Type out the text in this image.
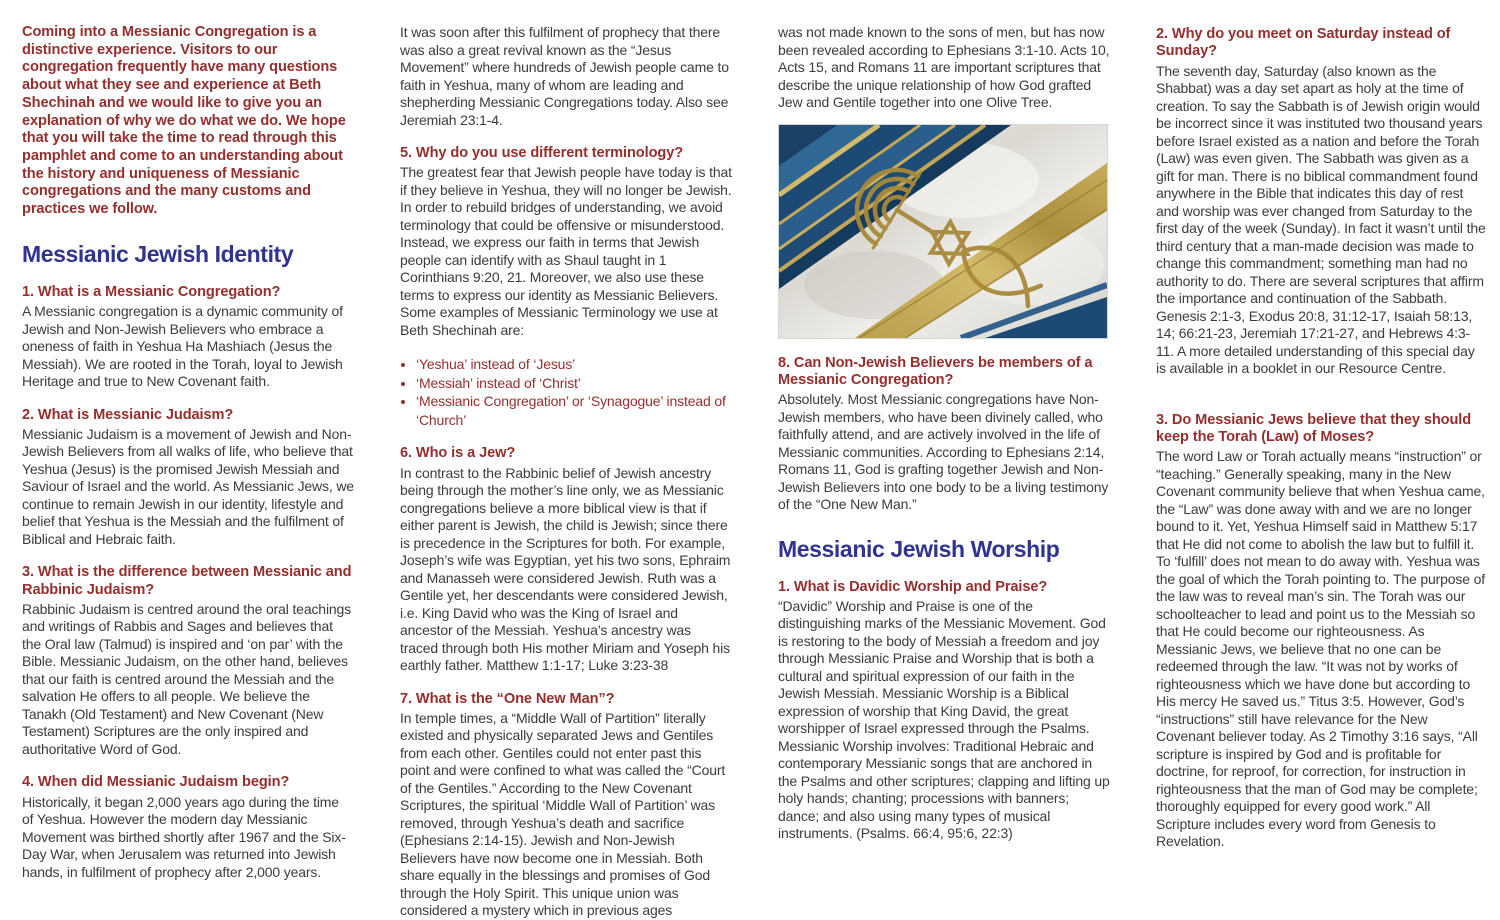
Coming into a Messianic Congregation is a distinctive experience. Visitors to our congregation frequently have many questions about what they see and experience at Beth Shechinah and we would like to give you an explanation of why we do what we do. We hope that you will take the time to read through this pamphlet and come to an understanding about the history and uniqueness of Messianic congregations and the many customs and practices we follow.

Messianic Jewish Identity
1. What is a Messianic Congregation?

A Messianic congregation is a dynamic community of Jewish and Non-Jewish Believers who embrace a oneness of faith in Yeshua Ha Mashiach (Jesus the Messiah). We are rooted in the Torah, loyal to Jewish Heritage and true to New Covenant faith.

2. What is Messianic Judaism?

Messianic Judaism is a movement of Jewish and Non-Jewish Believers from all walks of life, who believe that Yeshua (Jesus) is the promised Jewish Messiah and Saviour of Israel and the world. As Messianic Jews, we continue to remain Jewish in our identity, lifestyle and belief that Yeshua is the Messiah and the fulfilment of Biblical and Hebraic faith.

3. What is the difference between Messianic and Rabbinic Judaism?

Rabbinic Judaism is centred around the oral teachings and writings of Rabbis and Sages and believes that the Oral law (Talmud) is inspired and ‘on par’ with the Bible. Messianic Judaism, on the other hand, believes that our faith is centred around the Messiah and the salvation He offers to all people. We believe the Tanakh (Old Testament) and New Covenant (New Testament) Scriptures are the only inspired and authoritative Word of God.

4. When did Messianic Judaism begin?

Historically, it began 2,000 years ago during the time of Yeshua. However the modern day Messianic Movement was birthed shortly after 1967 and the Six-Day War, when Jerusalem was returned into Jewish hands, in fulfilment of prophecy after 2,000 years.

It was soon after this fulfilment of prophecy that there was also a great revival known as the “Jesus Movement” where hundreds of Jewish people came to faith in Yeshua, many of whom are leading and shepherding Messianic Congregations today. Also see Jeremiah 23:1-4.

5. Why do you use different terminology?

The greatest fear that Jewish people have today is that if they believe in Yeshua, they will no longer be Jewish. In order to rebuild bridges of understanding, we avoid terminology that could be offensive or misunderstood. Instead, we express our faith in terms that Jewish people can identify with as Shaul taught in 1 Corinthians 9:20, 21. Moreover, we also use these terms to express our identity as Messianic Believers. Some examples of Messianic Terminology we use at Beth Shechinah are:

• ‘Yeshua’ instead of ‘Jesus’
• ‘Messiah’ instead of ‘Christ’
• ‘Messianic Congregation’ or ‘Synagogue’ instead of ‘Church’
6. Who is a Jew?

In contrast to the Rabbinic belief of Jewish ancestry being through the mother’s line only, we as Messianic congregations believe a more biblical view is that if either parent is Jewish, the child is Jewish; since there is precedence in the Scriptures for both. For example, Joseph’s wife was Egyptian, yet his two sons, Ephraim and Manasseh were considered Jewish. Ruth was a Gentile yet, her descendants were considered Jewish, i.e. King David who was the King of Israel and ancestor of the Messiah. Yeshua’s ancestry was traced through both His mother Miriam and Yoseph his earthly father. Matthew 1:1-17; Luke 3:23-38

7. What is the “One New Man”?

In temple times, a “Middle Wall of Partition” literally existed and physically separated Jews and Gentiles from each other. Gentiles could not enter past this point and were confined to what was called the “Court of the Gentiles.” According to the New Covenant Scriptures, the spiritual ‘Middle Wall of Partition’ was removed, through Yeshua’s death and sacrifice (Ephesians 2:14-15). Jewish and Non-Jewish Believers have now become one in Messiah. Both share equally in the blessings and promises of God through the Holy Spirit. This unique union was considered a mystery which in previous ages

was not made known to the sons of men, but has now been revealed according to Ephesians 3:1-10. Acts 10, Acts 15, and Romans 11 are important scriptures that describe the unique relationship of how God grafted Jew and Gentile together into one Olive Tree.

8. Can Non-Jewish Believers be members of a Messianic Congregation?

Absolutely. Most Messianic congregations have Non-Jewish members, who have been divinely called, who faithfully attend, and are actively involved in the life of Messianic communities. According to Ephesians 2:14, Romans 11, God is grafting together Jewish and Non-Jewish Believers into one body to be a living testimony of the “One New Man.”

Messianic Jewish Worship
1. What is Davidic Worship and Praise?

“Davidic” Worship and Praise is one of the distinguishing marks of the Messianic Movement. God is restoring to the body of Messiah a freedom and joy through Messianic Praise and Worship that is both a cultural and spiritual expression of our faith in the Jewish Messiah. Messianic Worship is a Biblical expression of worship that King David, the great worshipper of Israel expressed through the Psalms. Messianic Worship involves: Traditional Hebraic and contemporary Messianic songs that are anchored in the Psalms and other scriptures; clapping and lifting up holy hands; chanting; processions with banners; dance; and also using many types of musical instruments. (Psalms. 66:4, 95:6, 22:3)

2. Why do you meet on Saturday instead of Sunday?

The seventh day, Saturday (also known as the Shabbat) was a day set apart as holy at the time of creation. To say the Sabbath is of Jewish origin would be incorrect since it was instituted two thousand years before Israel existed as a nation and before the Torah (Law) was even given. The Sabbath was given as a gift for man. There is no biblical commandment found anywhere in the Bible that indicates this day of rest and worship was ever changed from Saturday to the first day of the week (Sunday). In fact it wasn’t until the third century that a man-made decision was made to change this commandment; something man had no authority to do. There are several scriptures that affirm the importance and continuation of the Sabbath. Genesis 2:1-3, Exodus 20:8, 31:12-17, Isaiah 58:13, 14; 66:21-23, Jeremiah 17:21-27, and Hebrews 4:3-11. A more detailed understanding of this special day is available in a booklet in our Resource Centre.

3. Do Messianic Jews believe that they should keep the Torah (Law) of Moses?

The word Law or Torah actually means “instruction” or “teaching.” Generally speaking, many in the New Covenant community believe that when Yeshua came, the “Law” was done away with and we are no longer bound to it. Yet, Yeshua Himself said in Matthew 5:17 that He did not come to abolish the law but to fulfill it. To ‘fulfill’ does not mean to do away with. Yeshua was the goal of which the Torah pointing to. The purpose of the law was to reveal man’s sin. The Torah was our schoolteacher to lead and point us to the Messiah so that He could become our righteousness. As Messianic Jews, we believe that no one can be redeemed through the law. “It was not by works of righteousness which we have done but according to His mercy He saved us.” Titus 3:5. However, God’s “instructions” still have relevance for the New Covenant believer today. As 2 Timothy 3:16 says, “All scripture is inspired by God and is profitable for doctrine, for reproof, for correction, for instruction in righteousness that the man of God may be complete; thoroughly equipped for every good work.” All Scripture includes every word from Genesis to Revelation.
